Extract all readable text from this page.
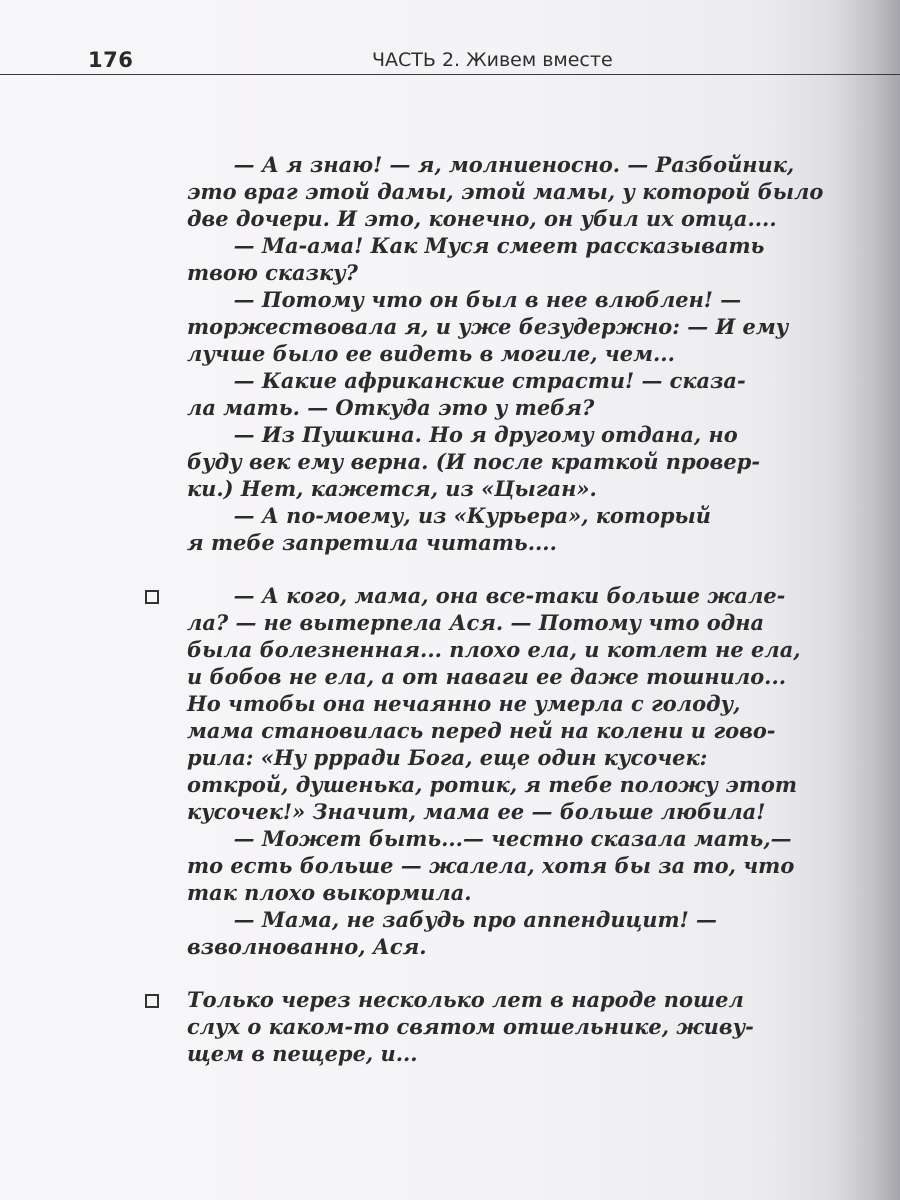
176	ЧАСТЬ 2. Живем вместе
— А я знаю! — я, молниеносно. — Разбойник,
это враг этой дамы, этой мамы, у которой было
две дочери. И это, конечно, он убил их отца....
— Ма-ама! Как Муся смеет рассказывать
твою сказку?
— Потому что он был в нее влюблен! —
торжествовала я, и уже безудержно: — И ему
лучше было ее видеть в могиле, чем...
— Какие африканские страсти! — сказа-
ла мать. — Откуда это у тебя?
— Из Пушкина. Но я другому отдана, но
буду век ему верна. (И после краткой провер-
ки.) Нет, кажется, из «Цыган».
— А по-моему, из «Курьера», который
я тебе запретила читать....
— А кого, мама, она все-таки больше жале-
ла? — не вытерпела Ася. — Потому что одна
была болезненная... плохо ела, и котлет не ела,
и бобов не ела, а от наваги ее даже тошнило...
Но чтобы она нечаянно не умерла с голоду,
мама становилась перед ней на колени и гово-
рила: «Ну ррради Бога, еще один кусочек:
открой, душенька, ротик, я тебе положу этот
кусочек!» Значит, мама ее — больше любила!
— Может быть...— честно сказала мать,—
то есть больше — жалела, хотя бы за то, что
так плохо выкормила.
— Мама, не забудь про аппендицит! —
взволнованно, Ася.
Только через несколько лет в народе пошел
слух о каком-то святом отшельнике, живу-
щем в пещере, и...
